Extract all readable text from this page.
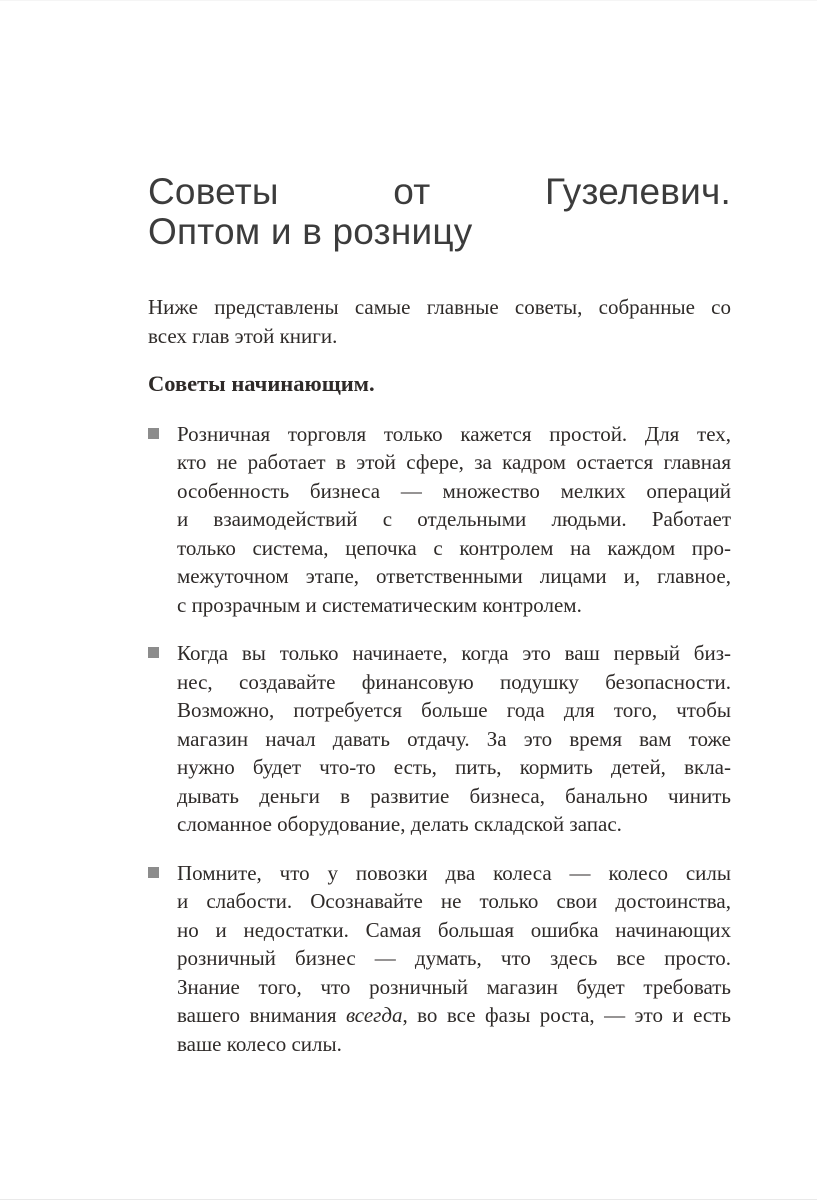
Советы от Гузелевич.
Оптом и в розницу
Ниже представлены самые главные советы, собранные со
всех глав этой книги.
Советы начинающим.
Розничная торговля только кажется простой. Для тех,
кто не работает в этой сфере, за кадром остается главная
особенность бизнеса — множество мелких операций
и взаимодействий с отдельными людьми. Работает
только система, цепочка с контролем на каждом про-
межуточном этапе, ответственными лицами и, главное,
с прозрачным и систематическим контролем.
Когда вы только начинаете, когда это ваш первый биз-
нес, создавайте финансовую подушку безопасности.
Возможно, потребуется больше года для того, чтобы
магазин начал давать отдачу. За это время вам тоже
нужно будет что-то есть, пить, кормить детей, вкла-
дывать деньги в развитие бизнеса, банально чинить
сломанное оборудование, делать складской запас.
Помните, что у повозки два колеса — колесо силы
и слабости. Осознавайте не только свои достоинства,
но и недостатки. Самая большая ошибка начинающих
розничный бизнес — думать, что здесь все просто.
Знание того, что розничный магазин будет требовать
вашего внимания всегда, во все фазы роста, — это и есть
ваше колесо силы.
